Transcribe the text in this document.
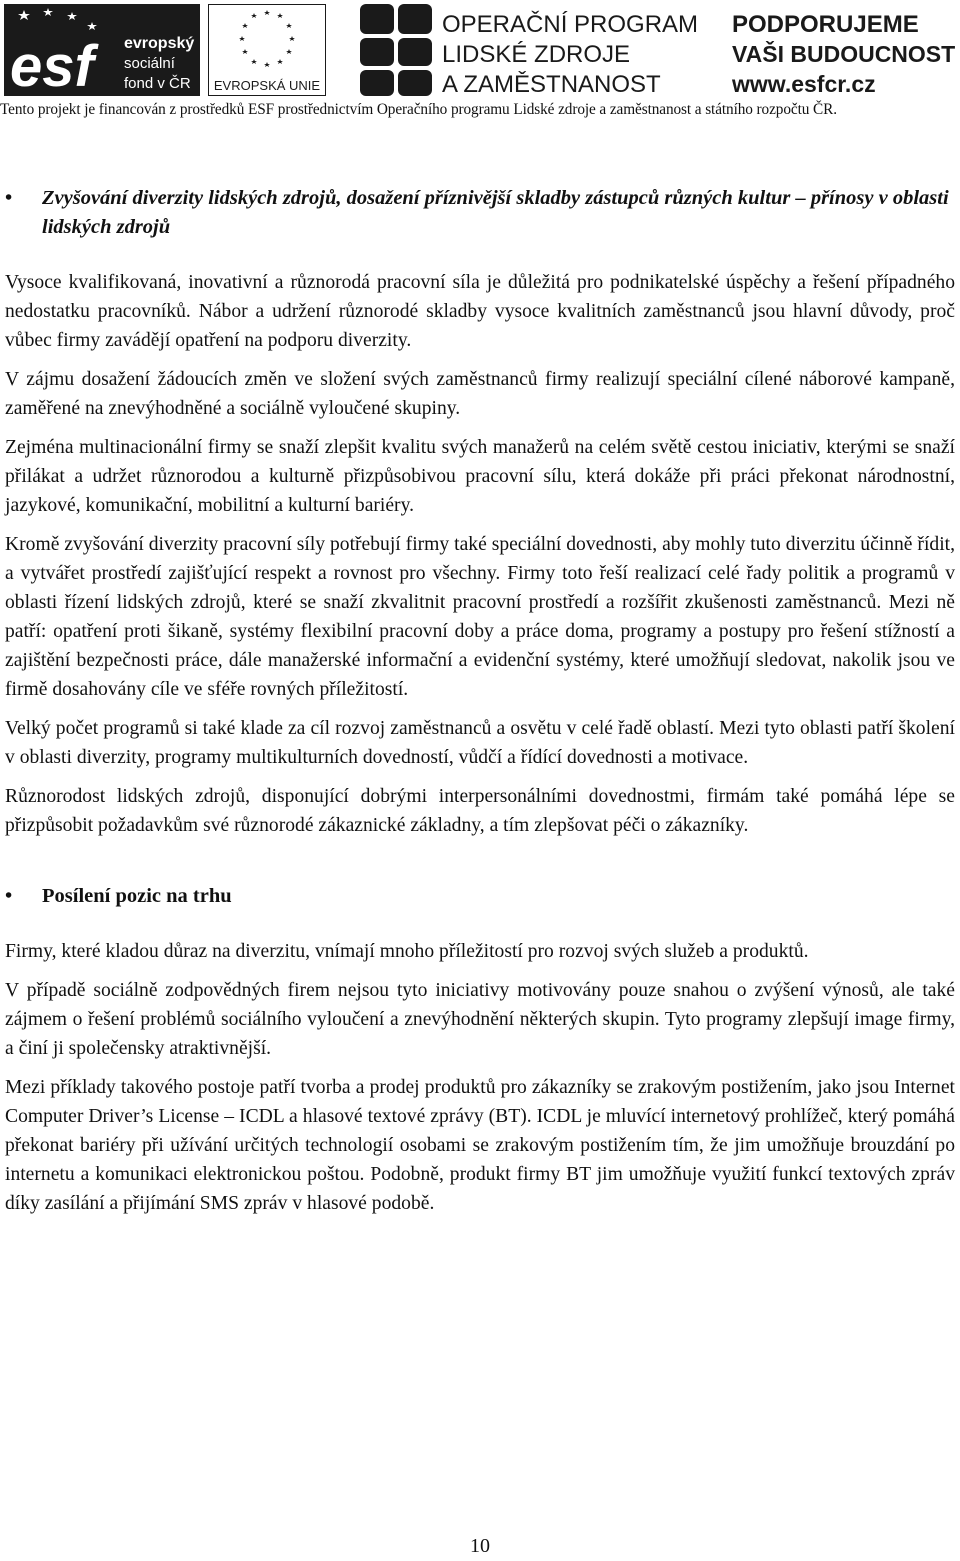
esf	evropský
sociální
fond v ČR EVROPSKÁ UNIE
OPERAČNÍ PROGRAM
LIDSKÉ ZDROJE
A ZAMĚSTNANOST
PODPORUJEME
VAŠI BUDOUCNOST
www.esfcr.cz
Tento projekt je financován z prostředků ESF prostřednictvím Operačního programu Lidské zdroje a zaměstnanost a státního rozpočtu ČR.
• Zvyšování diverzity lidských zdrojů, dosažení příznivější skladby zástupců různých kultur – přínosy v oblasti lidských zdrojů

Vysoce kvalifikovaná, inovativní a různorodá pracovní síla je důležitá pro podnikatelské úspěchy a řešení případného nedostatku pracovníků. Nábor a udržení různorodé skladby vysoce kvalitních zaměstnanců jsou hlavní důvody, proč vůbec firmy zavádějí opatření na podporu diverzity.

V zájmu dosažení žádoucích změn ve složení svých zaměstnanců firmy realizují speciální cílené náborové kampaně, zaměřené na znevýhodněné a sociálně vyloučené skupiny.

Zejména multinacionální firmy se snaží zlepšit kvalitu svých manažerů na celém světě cestou iniciativ, kterými se snaží přilákat a udržet různorodou a kulturně přizpůsobivou pracovní sílu, která dokáže při práci překonat národnostní, jazykové, komunikační, mobilitní a kulturní bariéry.

Kromě zvyšování diverzity pracovní síly potřebují firmy také speciální dovednosti, aby mohly tuto diverzitu účinně řídit, a vytvářet prostředí zajišťující respekt a rovnost pro všechny. Firmy toto řeší realizací celé řady politik a programů v oblasti řízení lidských zdrojů, které se snaží zkvalitnit pracovní prostředí a rozšířit zkušenosti zaměstnanců. Mezi ně patří: opatření proti šikaně, systémy flexibilní pracovní doby a práce doma, programy a postupy pro řešení stížností a zajištění bezpečnosti práce, dále manažerské informační a evidenční systémy, které umožňují sledovat, nakolik jsou ve firmě dosahovány cíle ve sféře rovných příležitostí.

Velký počet programů si také klade za cíl rozvoj zaměstnanců a osvětu v celé řadě oblastí. Mezi tyto oblasti patří školení v oblasti diverzity, programy multikulturních dovedností, vůdčí a řídící dovednosti a motivace.

Různorodost lidských zdrojů, disponující dobrými interpersonálními dovednostmi, firmám také pomáhá lépe se přizpůsobit požadavkům své různorodé zákaznické základny, a tím zlepšovat péči o zákazníky.

• Posílení pozic na trhu

Firmy, které kladou důraz na diverzitu, vnímají mnoho příležitostí pro rozvoj svých služeb a produktů.

V případě sociálně zodpovědných firem nejsou tyto iniciativy motivovány pouze snahou o zvýšení výnosů, ale také zájmem o řešení problémů sociálního vyloučení a znevýhodnění některých skupin. Tyto programy zlepšují image firmy, a činí ji společensky atraktivnější.

Mezi příklady takového postoje patří tvorba a prodej produktů pro zákazníky se zrakovým postižením, jako jsou Internet Computer Driver’s License – ICDL a hlasové textové zprávy (BT). ICDL je mluvící internetový prohlížeč, který pomáhá překonat bariéry při užívání určitých technologií osobami se zrakovým postižením tím, že jim umožňuje brouzdání po internetu a komunikaci elektronickou poštou. Podobně, produkt firmy BT jim umožňuje využití funkcí textových zpráv díky zasílání a přijímání SMS zpráv v hlasové podobě.

10
